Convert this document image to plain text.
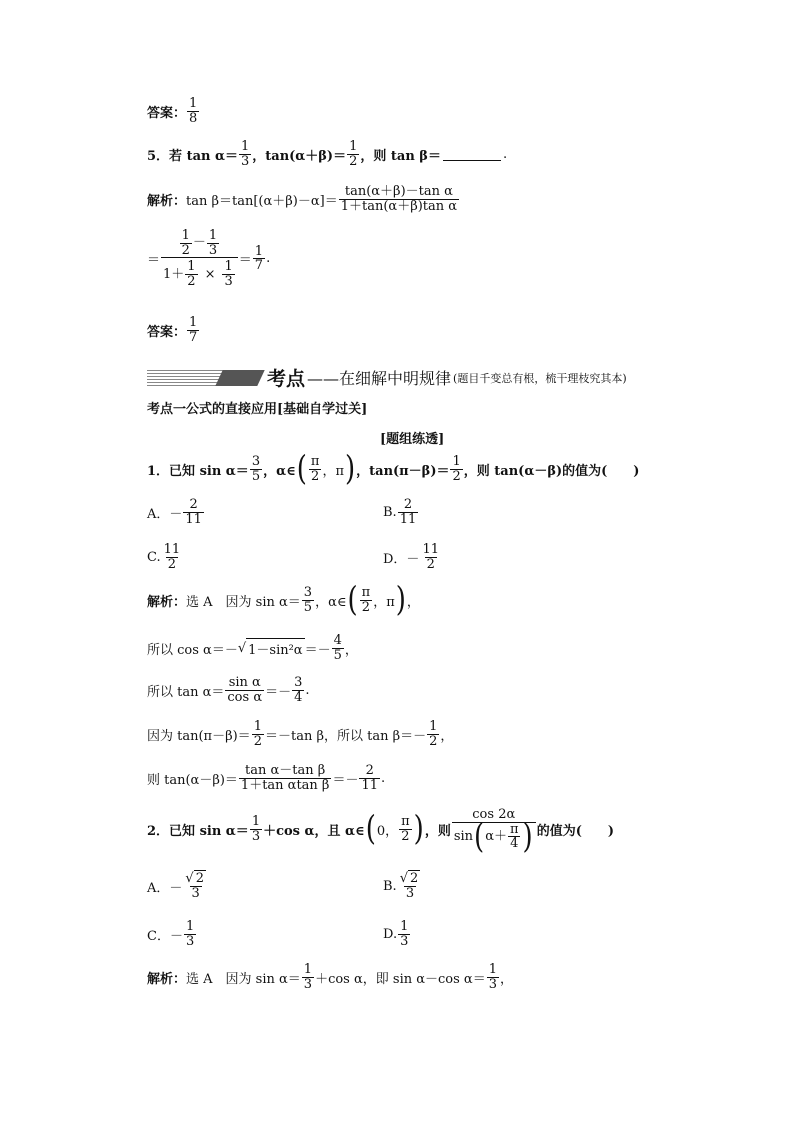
答案： $\frac{1}{8}$
5．若 $\tan \alpha= \frac{1}{3}$ ，$\tan(\alpha+\beta)= \frac{1}{2}$ ，则 tan β＝	.
解析： $\tan \beta=\tan[(\alpha+\beta)-\alpha]= \frac{\text{tan(α＋β)－tan α}}{\text{1＋tan(α＋β)tan α}}$
＝ $\frac{\frac{1}{2} - \frac{1}{3}}{1+ \frac{1}{2} \times \frac{1}{3}} = \frac{1}{7}$ .
答案： $\frac{1}{7}$
考点 ——在细解中明规律 (题目千变总有根，梳干理枝究其本)
考点一公式的直接应用[基础自学过关]
[题组练透]
1．已知 $\sin \alpha= \frac{3}{5}$ ，α∈ ( $\frac{\pi}{2}$ ，π ) ，$\tan(\pi-\beta)= \frac{1}{2}$ ，则 tan(α－β)的值为(　　)
A．－ $\frac{2}{11}$	B. $\frac{2}{11}$
C. $\frac{11}{2}$	D．－ $\frac{11}{2}$
解析： 选 A　因为 $\sin \alpha= \frac{3}{5}$ ，α∈ ( $\frac{\pi}{2}$ ，π ) ，
所以 cos α＝－ √ $1-\sin^2\alpha =- \frac{4}{5}$ ，
所以 $\tan \alpha= \frac{\text{sin α}}{\text{cos α}} =- \frac{3}{4}$ .
因为 $\tan(\pi-\beta)= \frac{1}{2} =-\tan$ β，所以 $\tan \beta=- \frac{1}{2}$ ，
则 $\tan(\alpha-\beta)= \frac{\text{tan α－tan β}}{\text{1＋tan αtan β}} =- \frac{2}{11}$ .
2．已知 $\sin \alpha= \frac{1}{3} +\cos$ α，且 α∈ ( 0， $\frac{\pi}{2}$ ) ，则 $\frac{\cos 2\alpha}{\sin ( \alpha+ \frac{\pi}{4} )}$ 的值为(　　)
A．－ $\frac{√ 2}{3}$	B. $\frac{√ 2}{3}$
C．－ $\frac{1}{3}$	D. $\frac{1}{3}$
解析： 选 A　因为 $\sin \alpha= \frac{1}{3} +\cos$ α，即 sin α－cos $\alpha= \frac{1}{3}$ ，
